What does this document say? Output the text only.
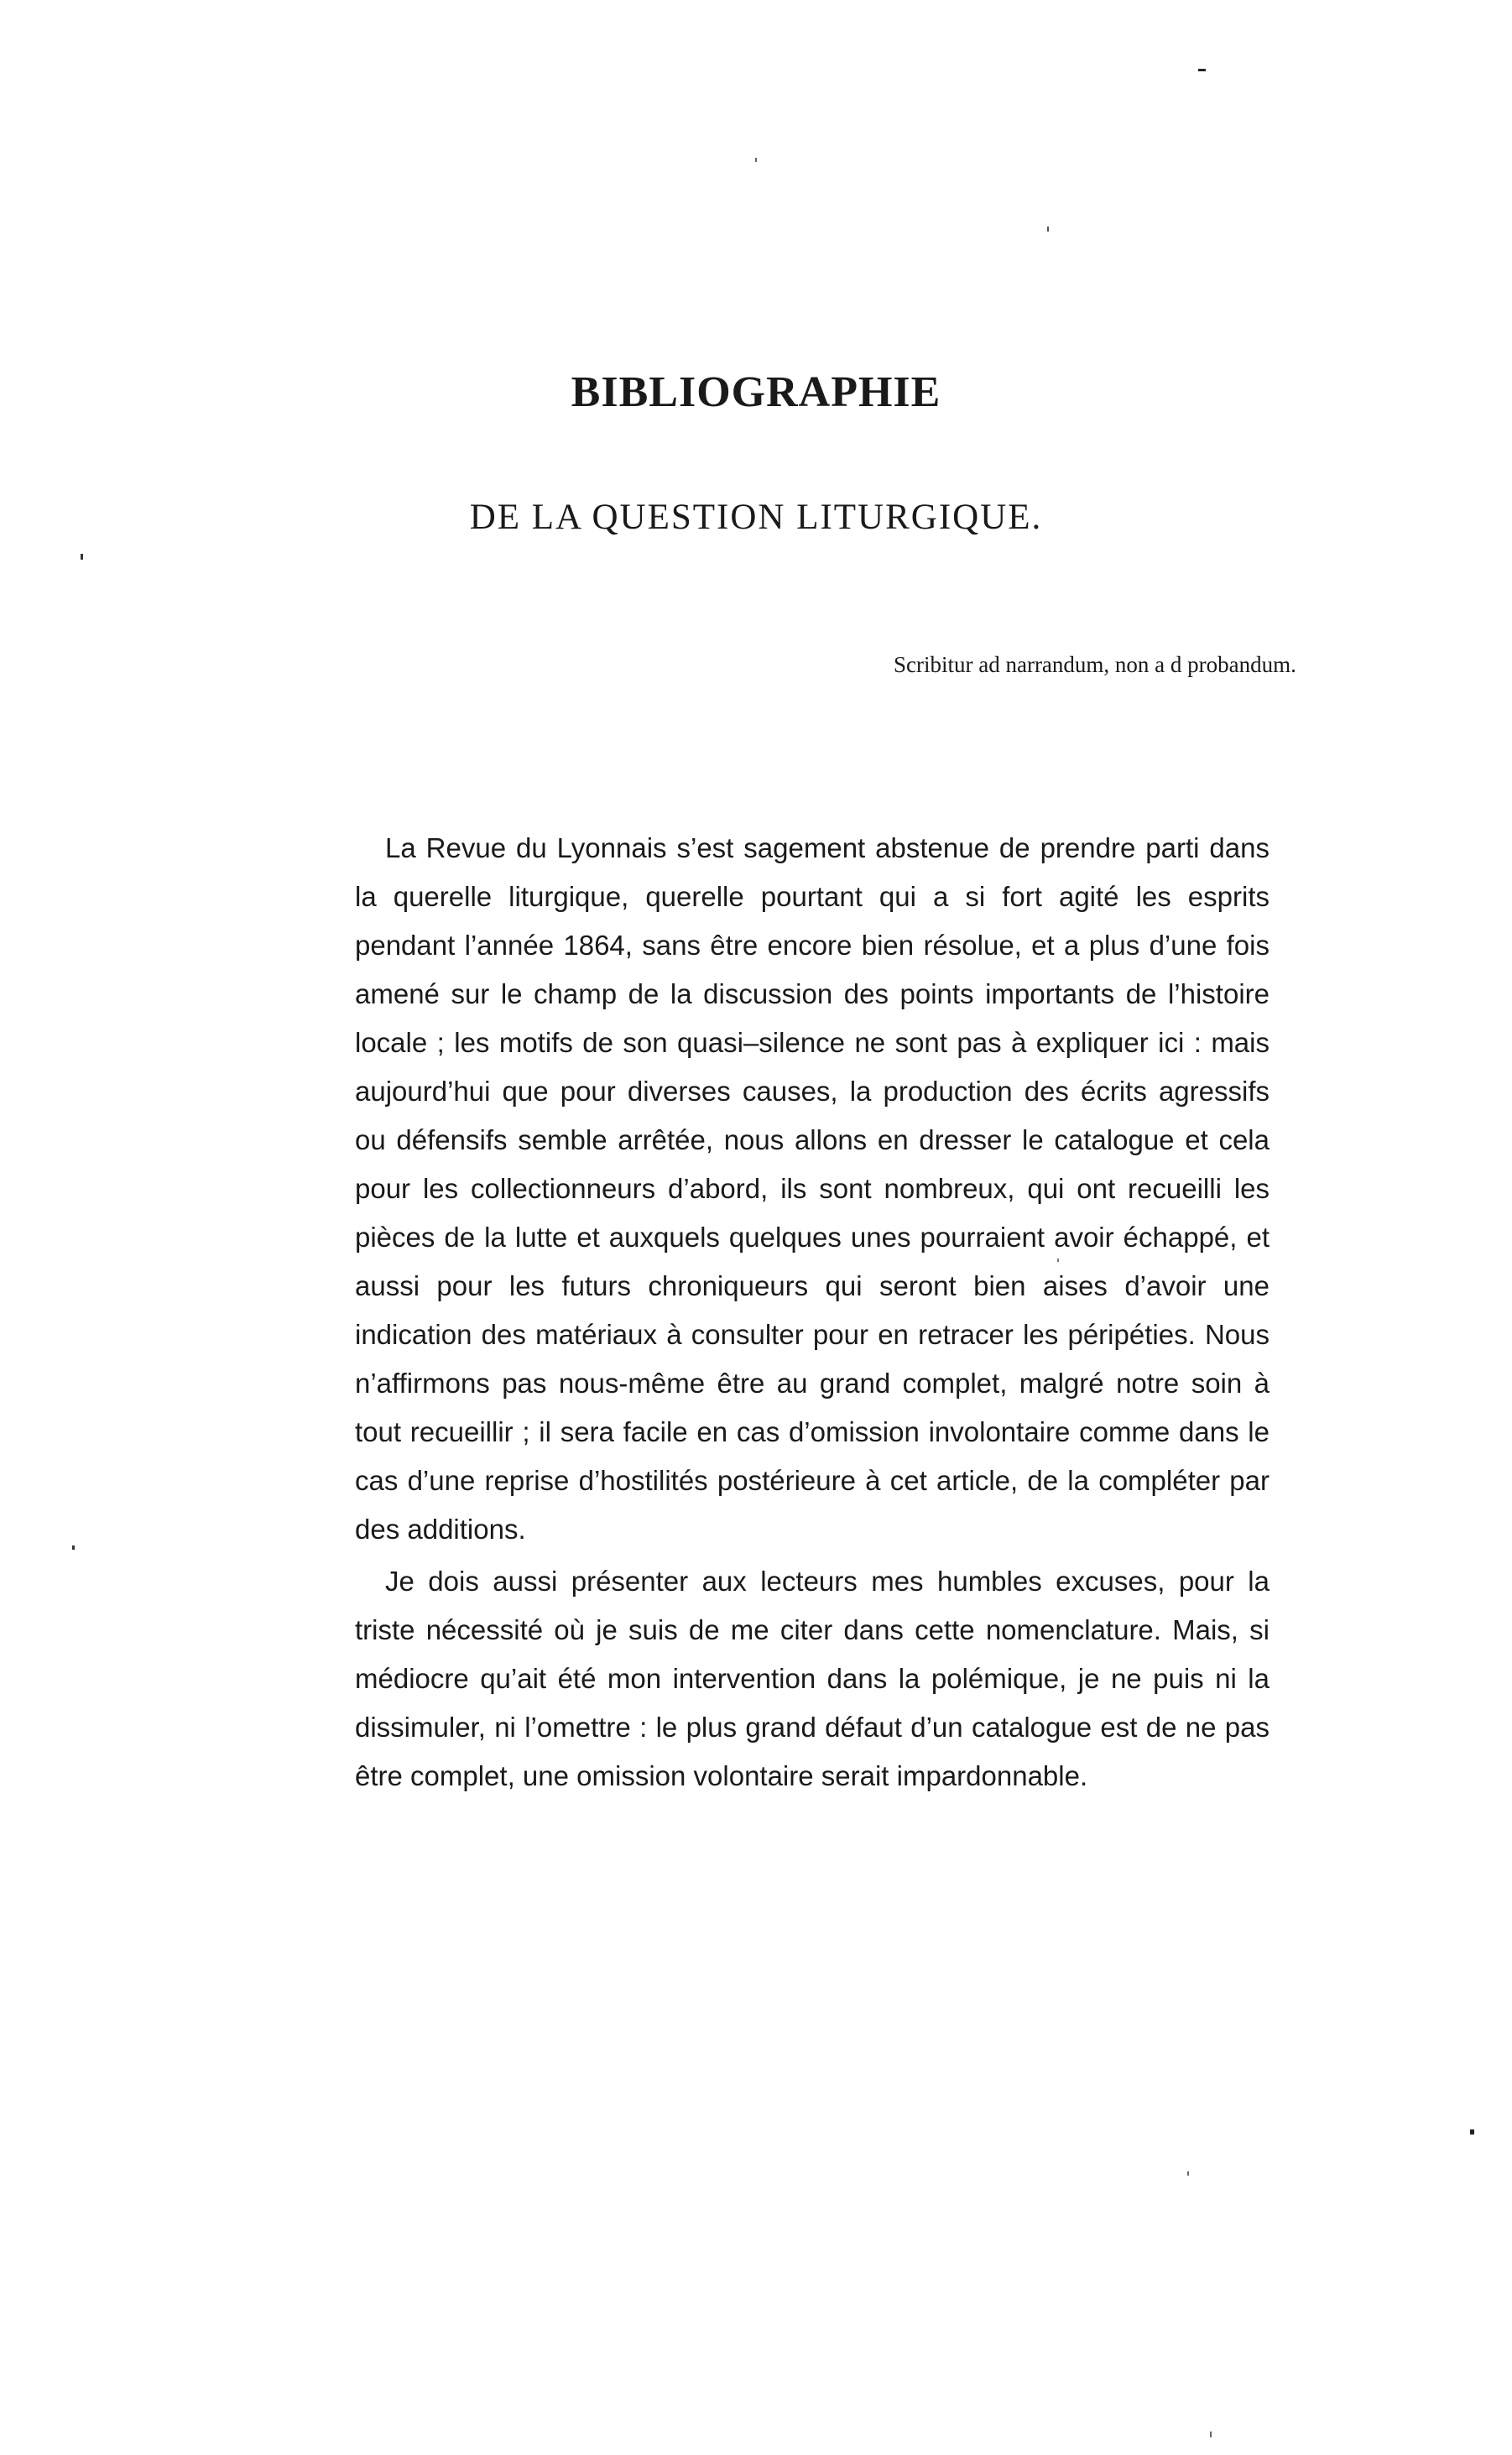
BIBLIOGRAPHIE
DE LA QUESTION LITURGIQUE.
Scribitur ad narrandum, non a d probandum.

La Revue du Lyonnais s’est sagement abstenue de prendre parti dans la querelle liturgique, querelle pourtant qui a si fort agité les esprits pendant l’année 1864, sans être encore bien résolue, et a plus d’une fois amené sur le champ de la discussion des points importants de l’histoire locale ; les motifs de son quasi–silence ne sont pas à expliquer ici : mais aujourd’hui que pour diverses causes, la production des écrits agressifs ou défensifs semble arrêtée, nous allons en dresser le catalogue et cela pour les collectionneurs d’abord, ils sont nombreux, qui ont recueilli les pièces de la lutte et auxquels quelques unes pourraient avoir échappé, et aussi pour les futurs chroniqueurs qui seront bien aises d’avoir une indication des matériaux à consulter pour en retracer les péripéties. Nous n’affirmons pas nous-même être au grand complet, malgré notre soin à tout recueillir ; il sera facile en cas d’omission involontaire comme dans le cas d’une reprise d’hostilités postérieure à cet article, de la compléter par des additions.

Je dois aussi présenter aux lecteurs mes humbles excuses, pour la triste nécessité où je suis de me citer dans cette nomenclature. Mais, si médiocre qu’ait été mon intervention dans la polémique, je ne puis ni la dissimuler, ni l’omettre : le plus grand défaut d’un catalogue est de ne pas être complet, une omission volontaire serait impardonnable.
